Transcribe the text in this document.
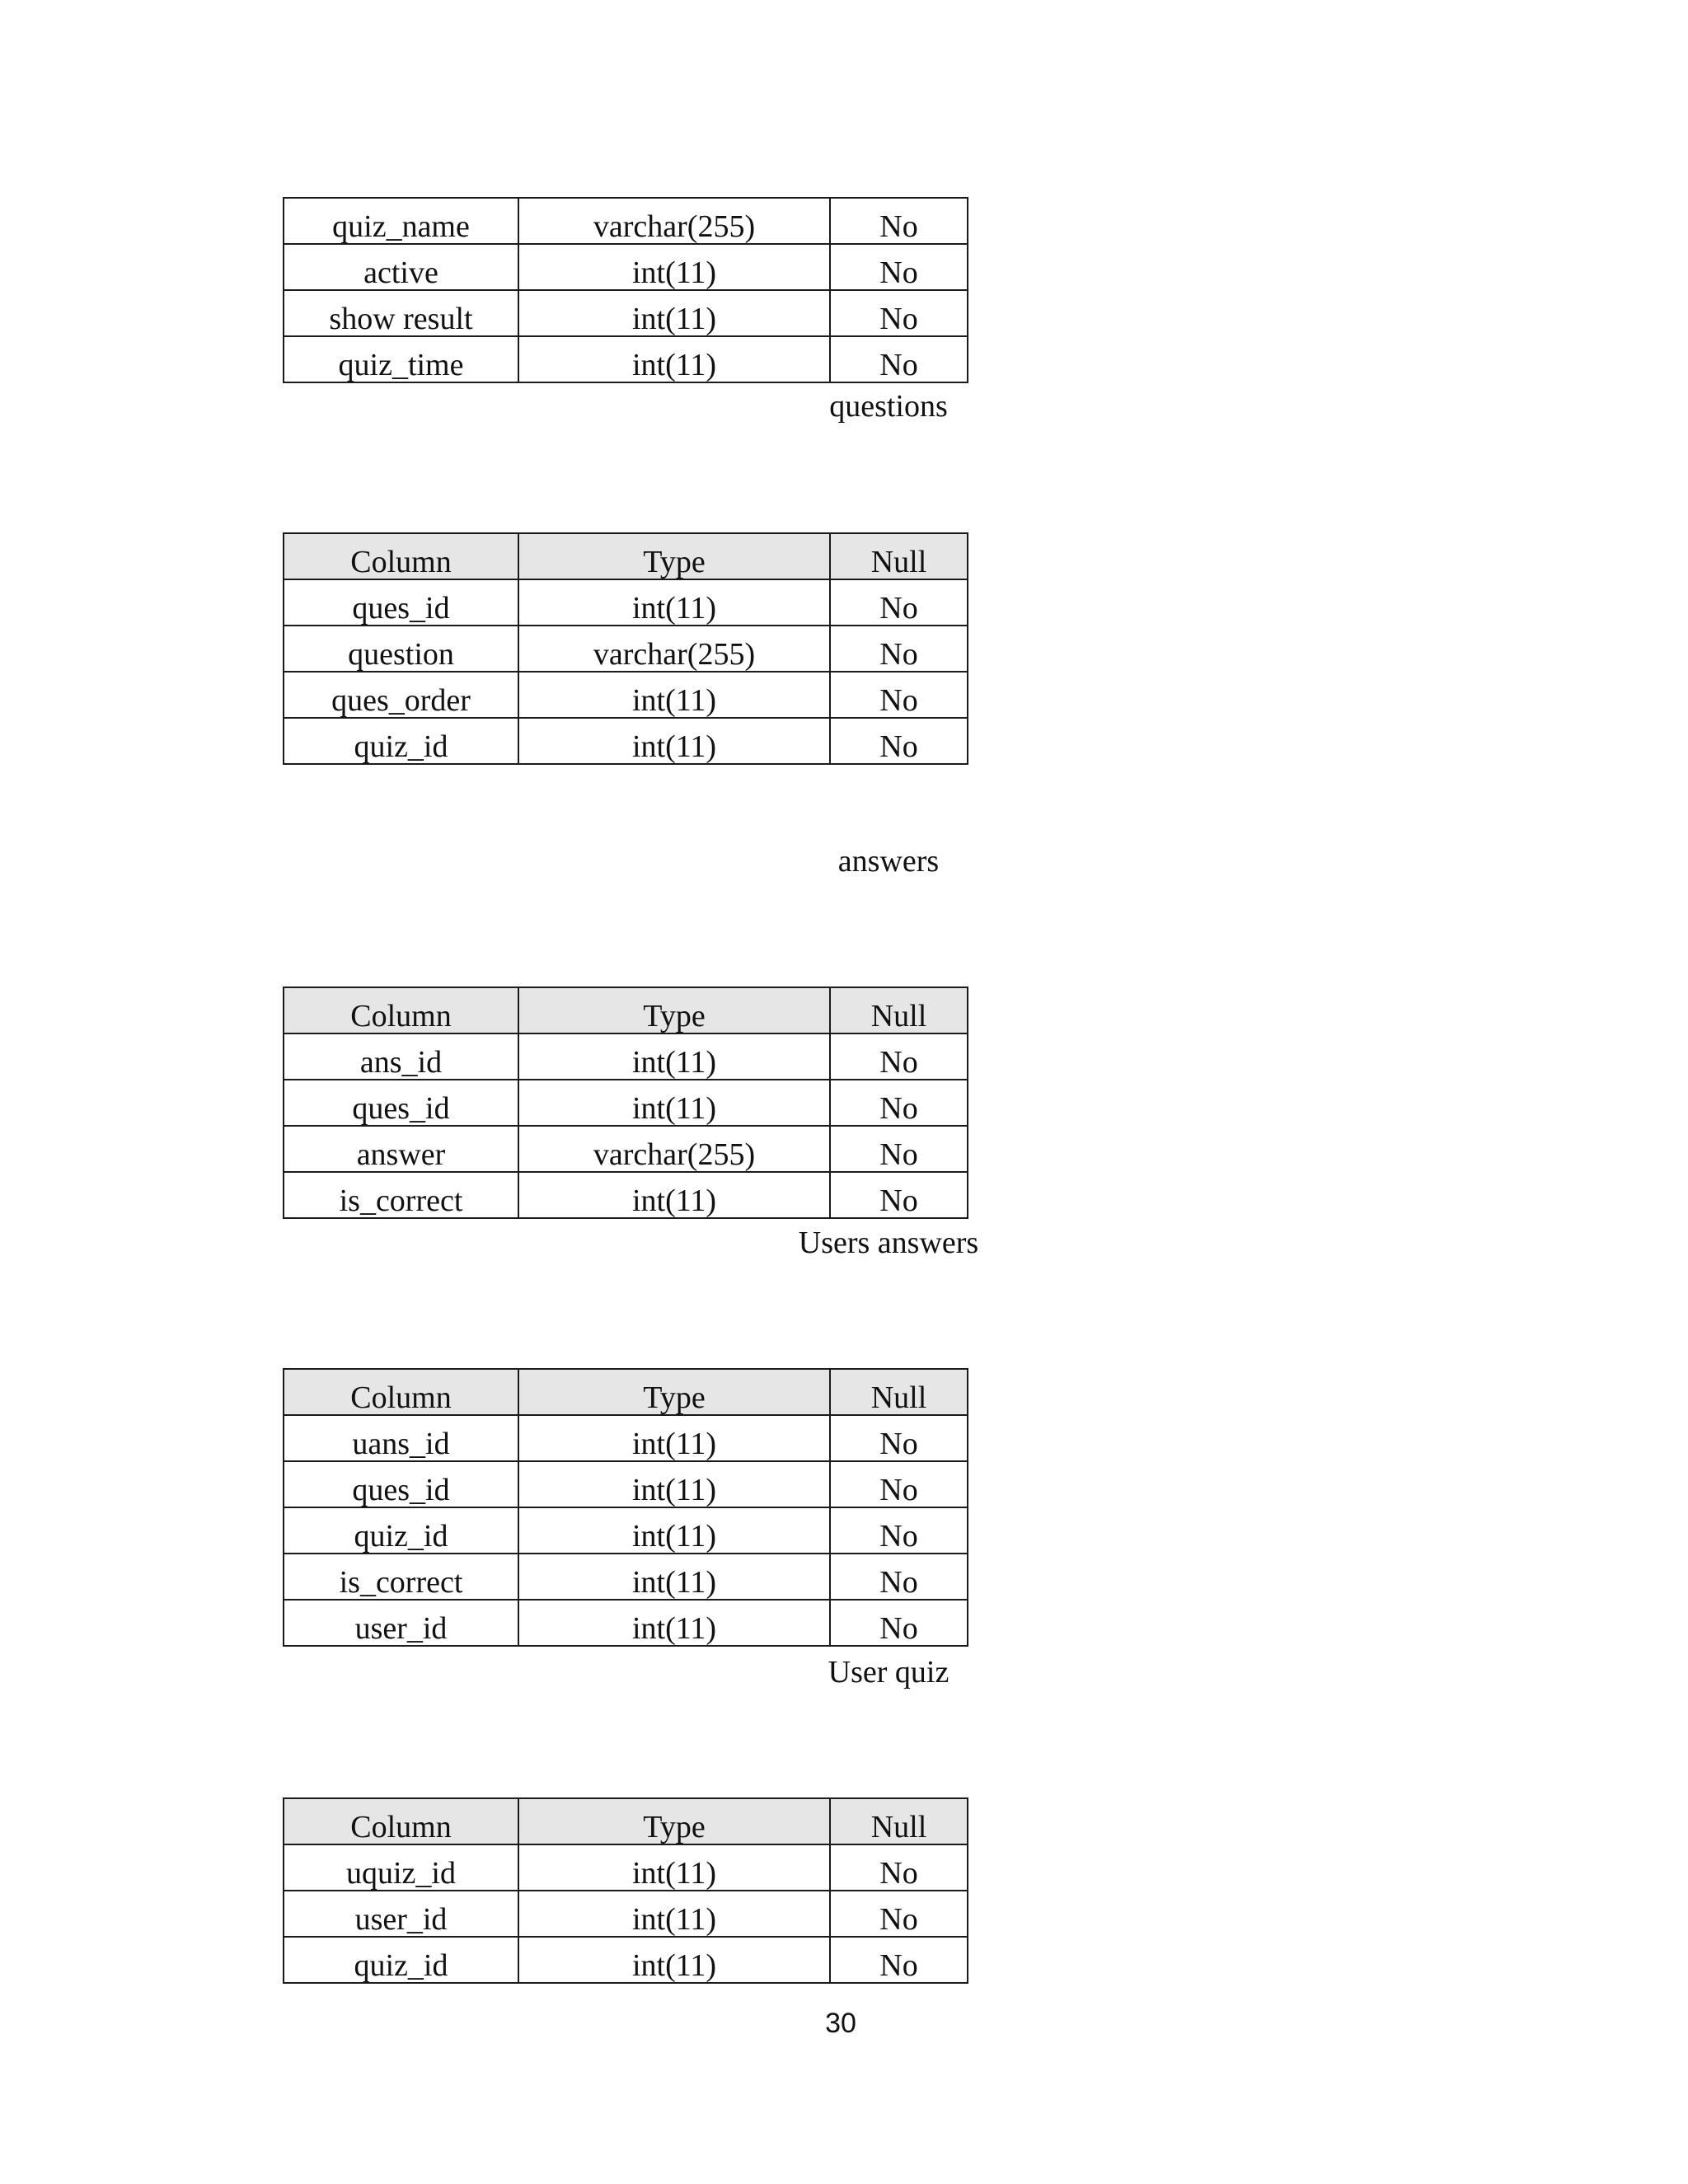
quiz_name	varchar(255)	No
active	int(11)	No
show result	int(11)	No
quiz_time	int(11)	No
questions
Column	Type	Null
ques_id	int(11)	No
question	varchar(255)	No
ques_order	int(11)	No
quiz_id	int(11)	No
answers
Column	Type	Null
ans_id	int(11)	No
ques_id	int(11)	No
answer	varchar(255)	No
is_correct	int(11)	No
Users answers
Column	Type	Null
uans_id	int(11)	No
ques_id	int(11)	No
quiz_id	int(11)	No
is_correct	int(11)	No
user_id	int(11)	No
User quiz
Column	Type	Null
uquiz_id	int(11)	No
user_id	int(11)	No
quiz_id	int(11)	No
30
